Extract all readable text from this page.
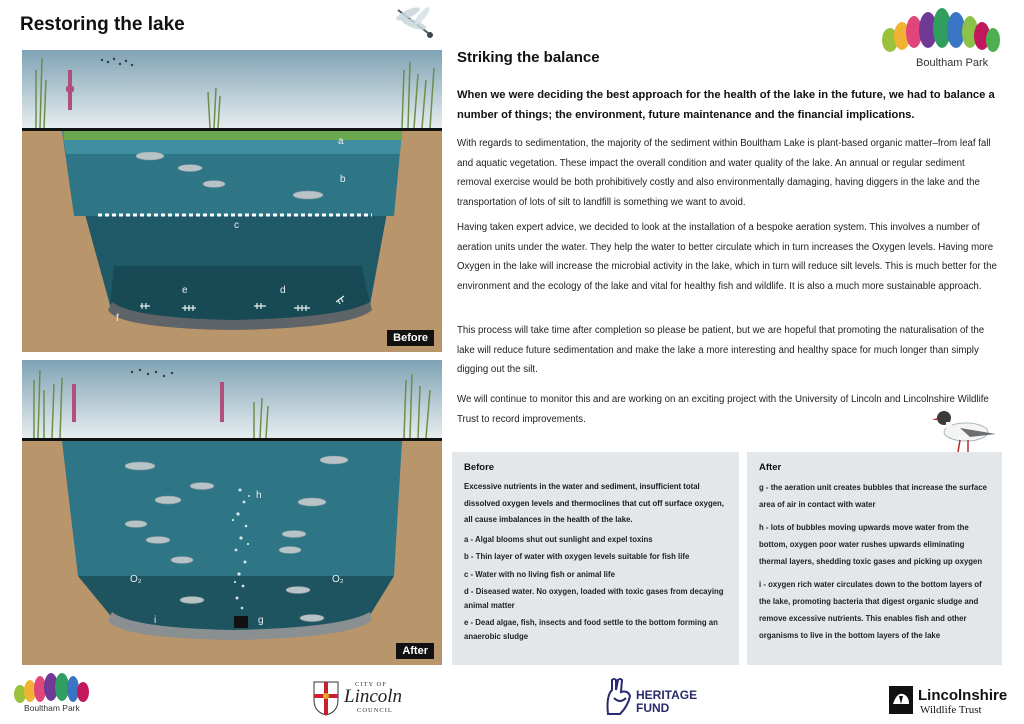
Restoring the lake
a
b
c
d
e
f
Before
h
g
i
O₂	O₂
After
Boultham Park
Striking the balance
When we were deciding the best approach for the health of the lake in the future, we had to balance a number of things; the environment, future maintenance and the financial implications.
With regards to sedimentation, the majority of the sediment within Boultham Lake is plant-based organic matter–from leaf fall and aquatic vegetation. These impact the overall condition and water quality of the lake. An annual or regular sediment removal exercise would be both prohibitively costly and also environmentally damaging, having diggers in the lake and the transportation of lots of silt to landfill is something we want to avoid.
Having taken expert advice, we decided to look at the installation of a bespoke aeration system. This involves a number of aeration units under the water. They help the water to better circulate which in turn increases the Oxygen levels. Having more Oxygen in the lake will increase the microbial activity in the lake, which in turn will reduce silt levels. This is much better for the environment and the ecology of the lake and vital for healthy fish and wildlife. It is also a much more sustainable approach.
This process will take time after completion so please be patient, but we are hopeful that promoting the naturalisation of the lake will reduce future sedimentation and make the lake a more interesting and healthy space for much longer than simply digging out the silt.
We will continue to monitor this and are working on an exciting project with the University of Lincoln and Lincolnshire Wildlife Trust to record improvements.
Before
Excessive nutrients in the water and sediment, insufficient total dissolved oxygen levels and thermoclines that cut off surface oxygen, all cause imbalances in the health of the lake.
a - Algal blooms shut out sunlight and expel toxins
b - Thin layer of water with oxygen levels suitable for fish life
c - Water with no living fish or animal life
d - Diseased water. No oxygen, loaded with toxic gases from decaying animal matter
e - Dead algae, fish, insects and food settle to the bottom forming an anaerobic sludge
After
g - the aeration unit creates bubbles that increase the surface area of air in contact with water
h - lots of bubbles moving upwards move water from the bottom, oxygen poor water rushes upwards eliminating thermal layers, shedding toxic gases and picking up oxygen
i - oxygen rich water circulates down to the bottom layers of the lake, promoting bacteria that digest organic sludge and remove excessive nutrients. This enables fish and other organisms to live in the bottom layers of the lake
Boultham Park
CITY OF
Lincoln
COUNCIL
HERITAGE
FUND
Lincolnshire
Wildlife Trust
